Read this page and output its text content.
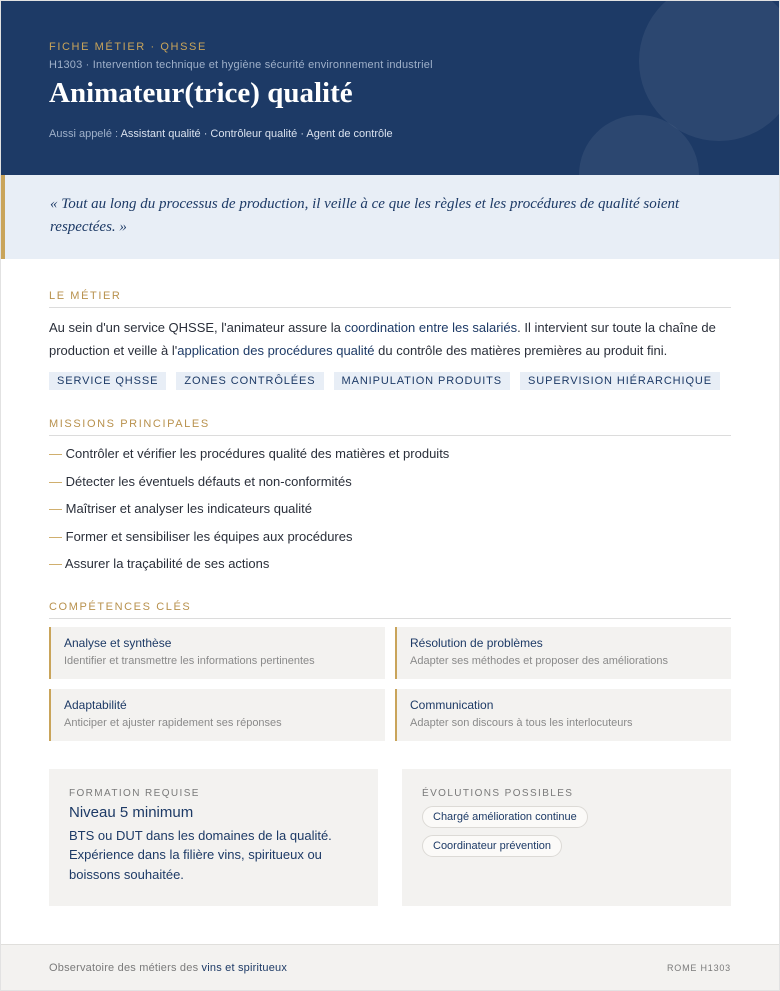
FICHE MÉTIER · QHSSE
H1303 · Intervention technique et hygiène sécurité environnement industriel
Animateur(trice) qualité
Aussi appelé : Assistant qualité · Contrôleur qualité · Agent de contrôle
« Tout au long du processus de production, il veille à ce que les règles et les procédures de qualité soient respectées. »
LE MÉTIER

Au sein d'un service QHSSE, l'animateur assure la coordination entre les salariés. Il intervient sur toute la chaîne de production et veille à l'application des procédures qualité du contrôle des matières premières au produit fini.

SERVICE QHSSE	ZONES CONTRÔLÉES	MANIPULATION PRODUITS	SUPERVISION HIÉRARCHIQUE
MISSIONS PRINCIPALES
— Contrôler et vérifier les procédures qualité des matières et produits
— Détecter les éventuels défauts et non-conformités
— Maîtriser et analyser les indicateurs qualité
— Former et sensibiliser les équipes aux procédures
— Assurer la traçabilité de ses actions
COMPÉTENCES CLÉS
Analyse et synthèse
Identifier et transmettre les informations pertinentes
Résolution de problèmes
Adapter ses méthodes et proposer des améliorations
Adaptabilité
Anticiper et ajuster rapidement ses réponses
Communication
Adapter son discours à tous les interlocuteurs
FORMATION REQUISE
Niveau 5 minimum
BTS ou DUT dans les domaines de la qualité. Expérience dans la filière vins, spiritueux ou boissons souhaitée.
ÉVOLUTIONS POSSIBLES
Chargé amélioration continue
Coordinateur prévention
Observatoire des métiers des vins et spiritueux	ROME H1303
